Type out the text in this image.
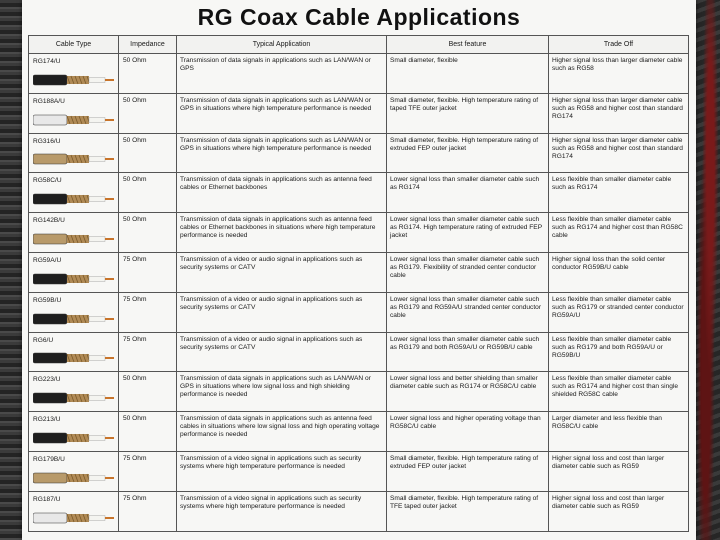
RG Coax Cable Applications
Cable Type	Impedance	Typical Application	Best feature	Trade Off

RG174/U	50 Ohm	Transmission of data signals in applications such as LAN/WAN or GPS	Small diameter, flexible	Higher signal loss than larger diameter cable such as RG58

RG188A/U	50 Ohm	Transmission of data signals in applications such as LAN/WAN or GPS in situations where high temperature performance is needed	Small diameter, flexible. High temperature rating of taped TFE outer jacket	Higher signal loss than larger diameter cable such as RG58 and higher cost than standard RG174

RG316/U	50 Ohm	Transmission of data signals in applications such as LAN/WAN or GPS in situations where high temperature performance is needed	Small diameter, flexible. High temperature rating of extruded FEP outer jacket	Higher signal loss than larger diameter cable such as RG58 and higher cost than standard RG174

RG58C/U	50 Ohm	Transmission of data signals in applications such as antenna feed cables or Ethernet backbones	Lower signal loss than smaller diameter cable such as RG174	Less flexible than smaller diameter cable such as RG174

RG142B/U	50 Ohm	Transmission of data signals in applications such as antenna feed cables or Ethernet backbones in situations where high temperature performance is needed	Lower signal loss than smaller diameter cable such as RG174. High temperature rating of extruded FEP jacket	Less flexible than smaller diameter cable such as RG174 and higher cost than RG58C cable

RG59A/U	75 Ohm	Transmission of a video or audio signal in applications such as security systems or CATV	Lower signal loss than smaller diameter cable such as RG179. Flexibility of stranded center conductor cable	Higher signal loss than the solid center conductor RG59B/U cable

RG59B/U	75 Ohm	Transmission of a video or audio signal in applications such as security systems or CATV	Lower signal loss than smaller diameter cable such as RG179 and RG59A/U stranded center conductor cable	Less flexible than smaller diameter cable such as RG179 or stranded center conductor RG59A/U

RG6/U	75 Ohm	Transmission of a video or audio signal in applications such as security systems or CATV	Lower signal loss than smaller diameter cable such as RG179 and both RG59A/U or RG59B/U cable	Less flexible than smaller diameter cable such as RG179 and both RG59A/U or RG59B/U

RG223/U	50 Ohm	Transmission of data signals in applications such as LAN/WAN or GPS in situations where low signal loss and high shielding performance is needed	Lower signal loss and better shielding than smaller diameter cable such as RG174 or RG58C/U cable	Less flexible than smaller diameter cable such as RG174 and higher cost than single shielded RG58C cable

RG213/U	50 Ohm	Transmission of data signals in applications such as antenna feed cables in situations where low signal loss and high operating voltage performance is needed	Lower signal loss and higher operating voltage than RG58C/U cable	Larger diameter and less flexible than RG58C/U cable

RG179B/U	75 Ohm	Transmission of a video signal in applications such as security systems where high temperature performance is needed	Small diameter, flexible. High temperature rating of extruded FEP outer jacket	Higher signal loss and cost than larger diameter cable such as RG59

RG187/U	75 Ohm	Transmission of a video signal in applications such as security systems where high temperature performance is needed	Small diameter, flexible. High temperature rating of TFE taped outer jacket	Higher signal loss and cost than larger diameter cable such as RG59
